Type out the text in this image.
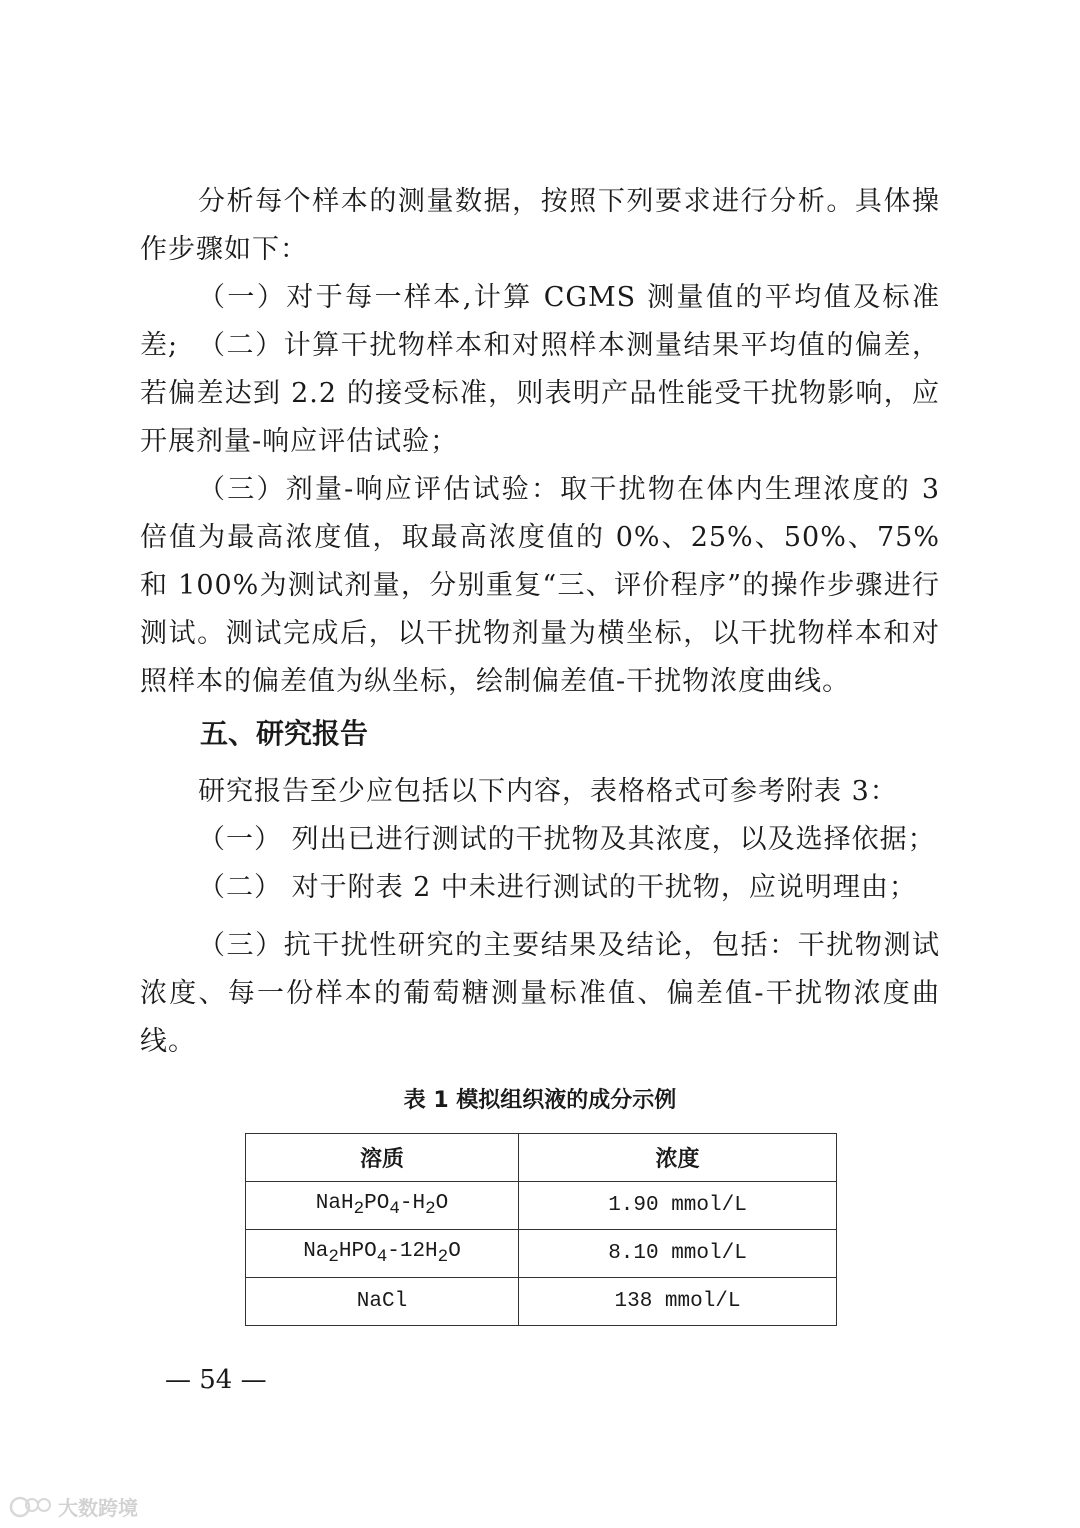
分析每个样本的测量数据，按照下列要求进行分析。具体操作步骤如下：

（一）对于每一样本,计算 CGMS 测量值的平均值及标准差; （二）计算干扰物样本和对照样本测量结果平均值的偏差，若偏差达到 2.2 的接受标准，则表明产品性能受干扰物影响，应开展剂量-响应评估试验；

（三）剂量-响应评估试验：取干扰物在体内生理浓度的 3 倍值为最高浓度值，取最高浓度值的 0%、25%、50%、75%和 100%为测试剂量，分别重复“三、评价程序”的操作步骤进行测试。测试完成后，以干扰物剂量为横坐标，以干扰物样本和对照样本的偏差值为纵坐标，绘制偏差值-干扰物浓度曲线。

五、研究报告

研究报告至少应包括以下内容，表格格式可参考附表 3：

（一） 列出已进行测试的干扰物及其浓度，以及选择依据；

（二） 对于附表 2 中未进行测试的干扰物，应说明理由；

（三）抗干扰性研究的主要结果及结论，包括：干扰物测试浓度、每一份样本的葡萄糖测量标准值、偏差值-干扰物浓度曲线。

表 1 模拟组织液的成分示例

溶质	浓度
$NaH_2PO_4-H_2O$	1.90 mmol/L
$Na_2HPO_4-12H_2O$	8.10 mmol/L
NaCl	138 mmol/L

— 54 —

大数跨境
